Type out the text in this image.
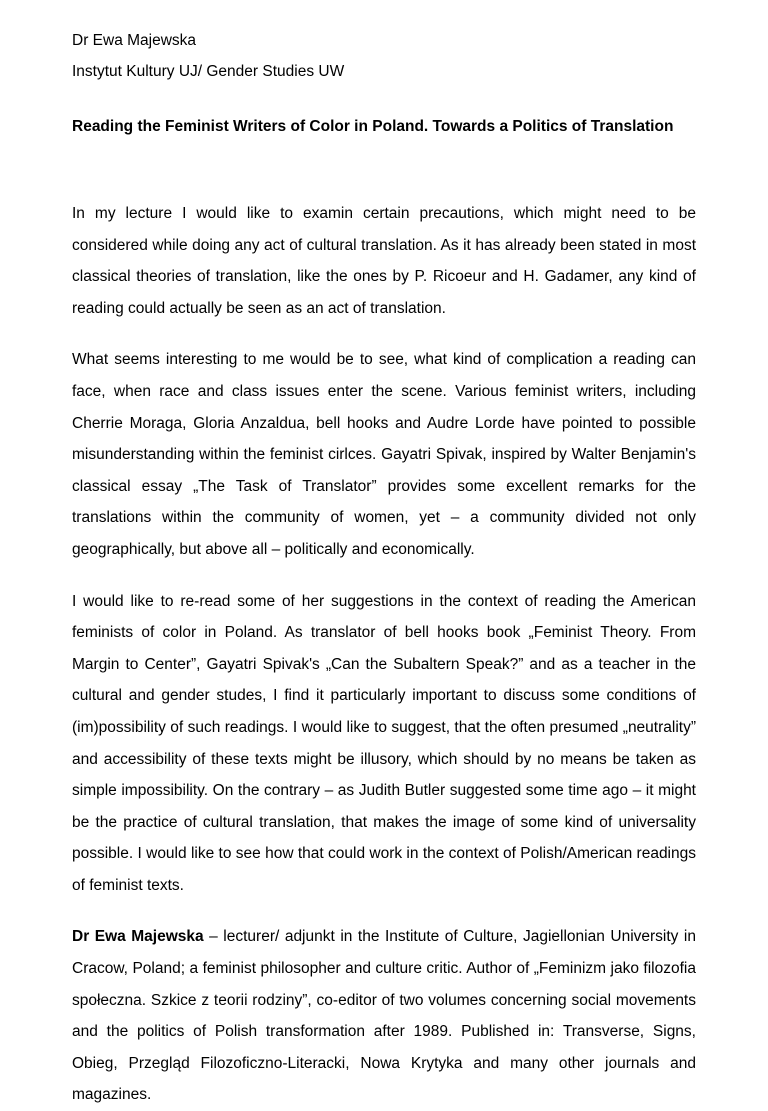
Dr Ewa Majewska

Instytut Kultury UJ/ Gender Studies UW

Reading the Feminist Writers of Color in Poland. Towards a Politics of Translation

In my lecture I would like to examin certain precautions, which might need to be considered while doing any act of cultural translation. As it has already been stated in most classical theories of translation, like the ones by P. Ricoeur and H. Gadamer, any kind of reading could actually be seen as an act of translation.

What seems interesting to me would be to see, what kind of complication a reading can face, when race and class issues enter the scene. Various feminist writers, including Cherrie Moraga, Gloria Anzaldua, bell hooks and Audre Lorde have pointed to possible misunderstanding within the feminist cirlces. Gayatri Spivak, inspired by Walter Benjamin's classical essay „The Task of Translator” provides some excellent remarks for the translations within the community of women, yet – a community divided not only geographically, but above all – politically and economically.

I would like to re-read some of her suggestions in the context of reading the American feminists of color in Poland. As translator of bell hooks book „Feminist Theory. From Margin to Center”, Gayatri Spivak's „Can the Subaltern Speak?” and as a teacher in the cultural and gender studes, I find it particularly important to discuss some conditions of (im)possibility of such readings. I would like to suggest, that the often presumed „neutrality” and accessibility of these texts might be illusory, which should by no means be taken as simple impossibility. On the contrary – as Judith Butler suggested some time ago – it might be the practice of cultural translation, that makes the image of some kind of universality possible. I would like to see how that could work in the context of Polish/American readings of feminist texts.

Dr Ewa Majewska – lecturer/ adjunkt in the Institute of Culture, Jagiellonian University in Cracow, Poland; a feminist philosopher and culture critic. Author of „Feminizm jako filozofia społeczna. Szkice z teorii rodziny”, co-editor of two volumes concerning social movements and the politics of Polish transformation after 1989. Published in: Transverse, Signs, Obieg, Przegląd Filozoficzno-Literacki, Nowa Krytyka and many other journals and magazines.
